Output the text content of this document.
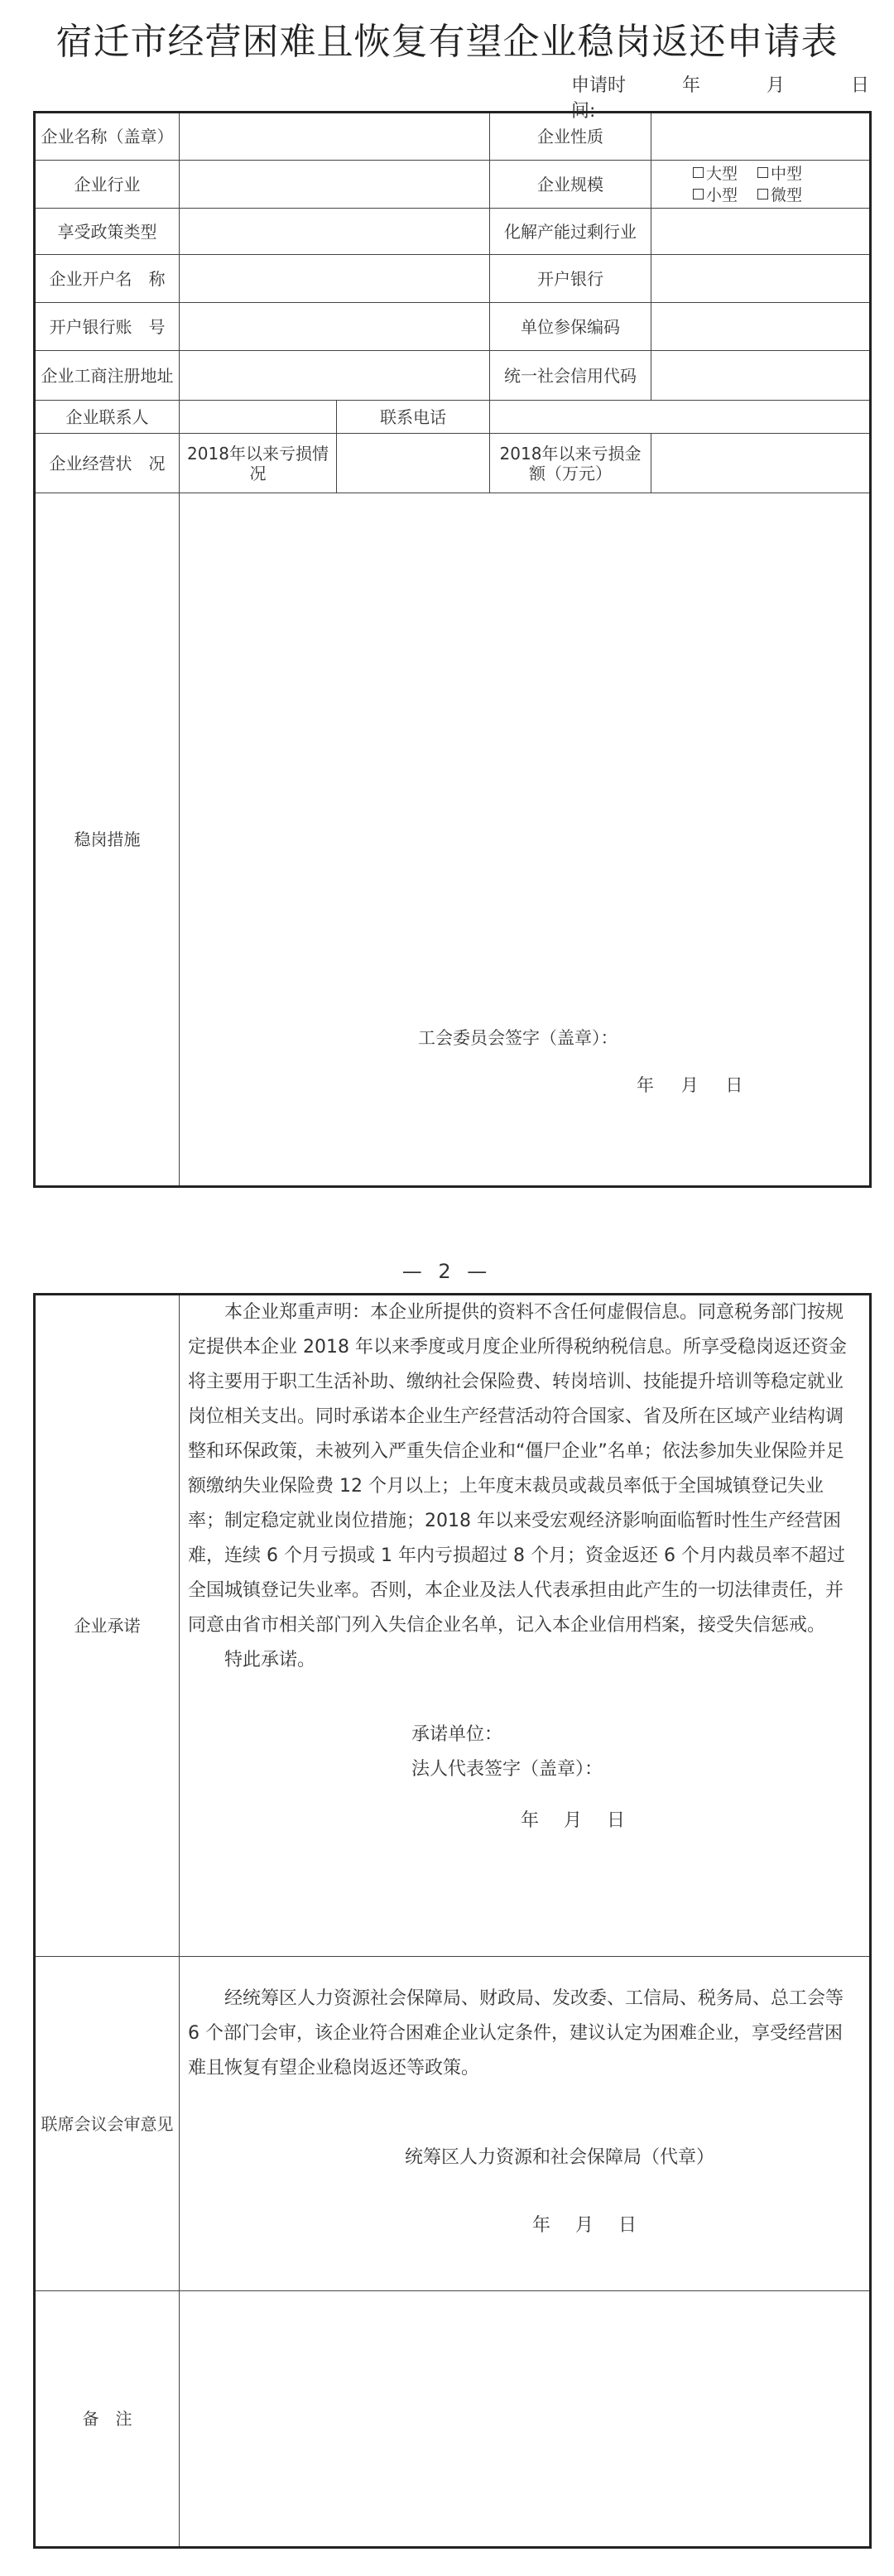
宿迁市经营困难且恢复有望企业稳岗返还申请表
申请时间:
年	月	日
企业名称（盖章）			企业性质	
企业行业			企业规模	大型 中型
小型 微型

享受政策类型			化解产能过剩行业	
企业开户名　称			开户银行	
开户银行账　号			单位参保编码	
企业工商注册地址			统一社会信用代码	
企业联系人		联系电话		
企业经营状　况	2018年以来亏损情况		2018年以来亏损金额（万元）	
稳岗措施	工会委员会签字（盖章）：
年 月 日			
— 2 —
企业承诺	本企业郑重声明：本企业所提供的资料不含任何虚假信息。同意税务部门按规定提供本企业 2018 年以来季度或月度企业所得税纳税信息。所享受稳岗返还资金将主要用于职工生活补助、缴纳社会保险费、转岗培训、技能提升培训等稳定就业岗位相关支出。同时承诺本企业生产经营活动符合国家、省及所在区域产业结构调整和环保政策，未被列入严重失信企业和“僵尸企业”名单；依法参加失业保险并足额缴纳失业保险费 12 个月以上；上年度末裁员或裁员率低于全国城镇登记失业率；制定稳定就业岗位措施；2018 年以来受宏观经济影响面临暂时性生产经营困难，连续 6 个月亏损或 1 年内亏损超过 8 个月；资金返还 6 个月内裁员率不超过全国城镇登记失业率。否则，本企业及法人代表承担由此产生的一切法律责任，并同意由省市相关部门列入失信企业名单，记入本企业信用档案，接受失信惩戒。

特此承诺。

承诺单位：

法人代表签字（盖章）：

年 月 日

联席会议会审意见	经统筹区人力资源社会保障局、财政局、发改委、工信局、税务局、总工会等 6 个部门会审，该企业符合困难企业认定条件，建议认定为困难企业，享受经营困难且恢复有望企业稳岗返还等政策。

统筹区人力资源和社会保障局（代章）

年 月 日

备　注	
